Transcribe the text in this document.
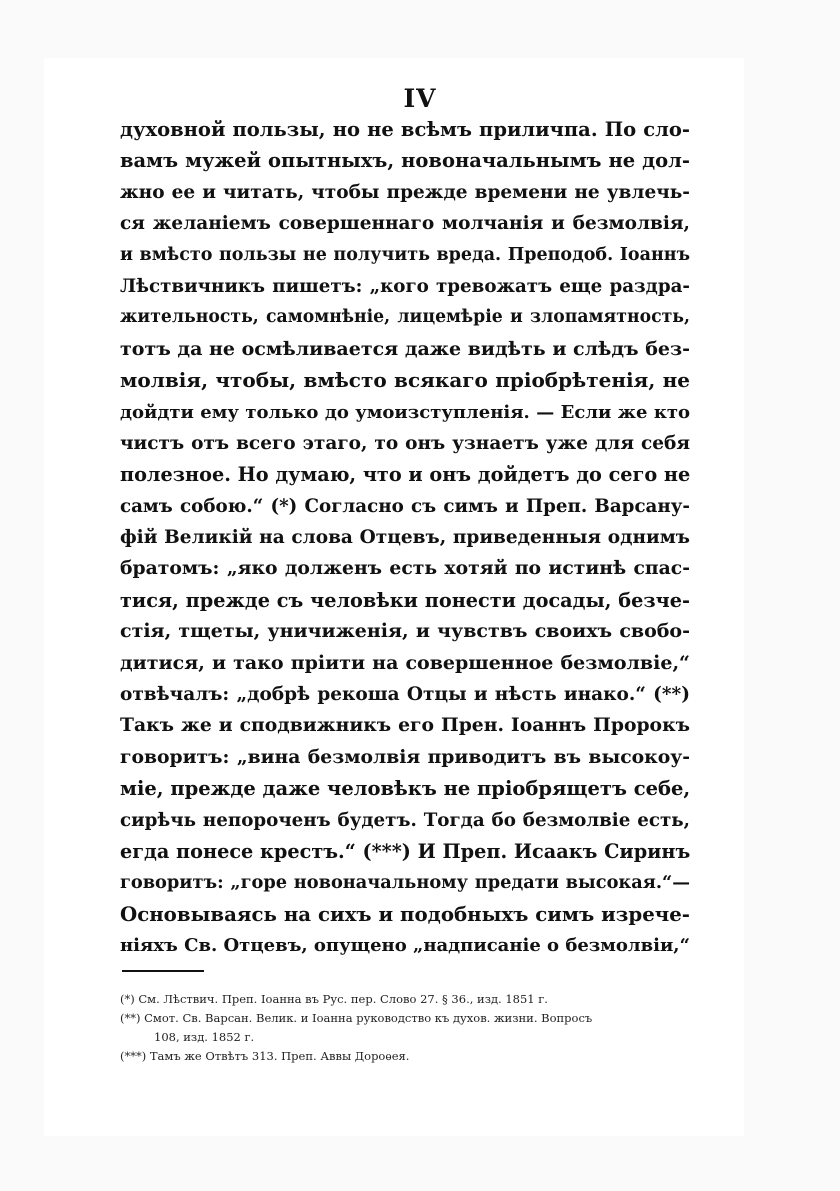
IV
духовной пользы, но не всѣмъ приличпа. По сло-
вамъ мужей опытныхъ, новоначальнымъ не дол-
жно ее и читать, чтобы прежде времени не увлечь-
ся желаніемъ совершеннаго молчанія и безмолвія,
и вмѣсто пользы не получить вреда. Преподоб. Іоаннъ
Лѣствичникъ пишетъ: „кого тревожатъ еще раздра-
жительность, самомнѣніе, лицемѣріе и злопамятность,
тотъ да не осмѣливается даже видѣть и слѣдъ без-
молвія, чтобы, вмѣсто всякаго пріобрѣтенія, не
дойдти ему только до умоизступленія. — Если же кто
чистъ отъ всего этаго, то онъ узнаетъ уже для себя
полезное. Но думаю, что и онъ дойдетъ до сего не
самъ собою.“ (*) Согласно съ симъ и Преп. Варсану-
фій Великій на слова Отцевъ, приведенныя однимъ
братомъ: „яко долженъ есть хотяй по истинѣ спас-
тися, прежде съ человѣки понести досады, безче-
стія, тщеты, уничиженія, и чувствъ своихъ свобо-
дитися, и тако пріити на совершенное безмолвіе,“
отвѣчалъ: „добрѣ рекоша Отцы и нѣсть инако.“ (**)
Такъ же и сподвижникъ его Прен. Іоаннъ Пророкъ
говоритъ: „вина безмолвія приводитъ въ высокоу-
міе, прежде даже человѣкъ не пріобрящетъ себе,
сирѣчь непороченъ будетъ. Тогда бо безмолвіе есть,
егда понесе крестъ.“ (***) И Преп. Исаакъ Сиринъ
говоритъ: „горе новоначальному предати высокая.“—
Основываясь на сихъ и подобныхъ симъ изрече-
ніяхъ Св. Отцевъ, опущено „надписаніе о безмолвіи,“
(*) См. Лѣствич. Преп. Іоанна въ Рус. пер. Слово 27. § 36., изд. 1851 г.
(**) Смот. Св. Варсан. Велик. и Іоанна руководство къ духов. жизни. Вопросъ
108, изд. 1852 г.
(***) Тамъ же Отвѣтъ 313. Преп. Аввы Дороѳея.
